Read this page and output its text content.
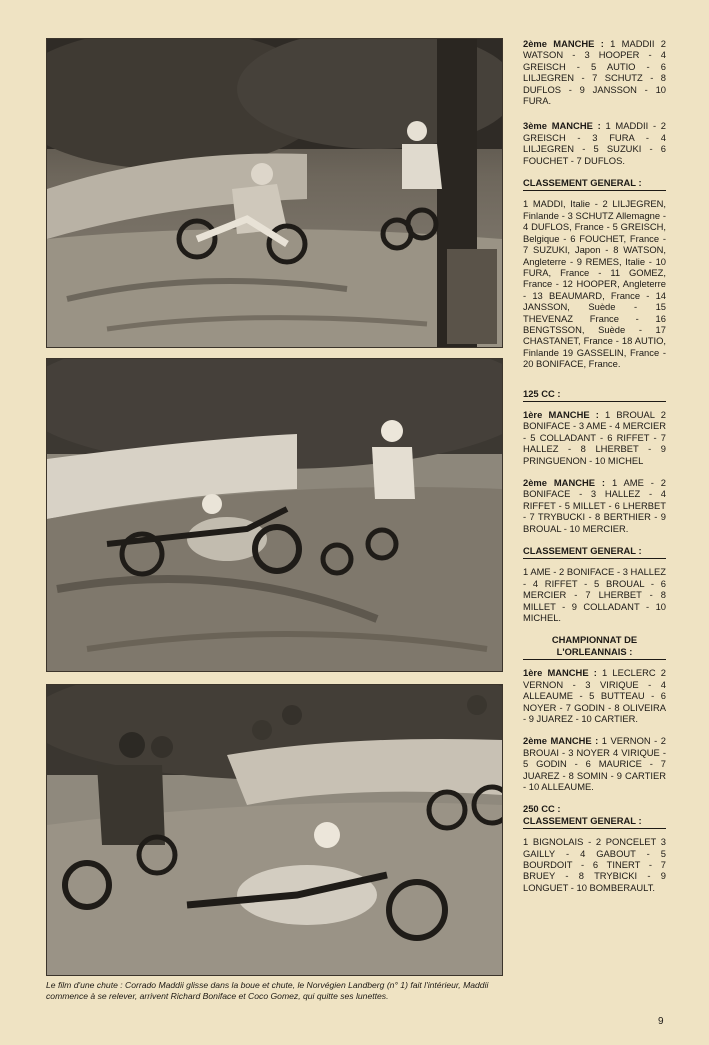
Le film d'une chute : Corrado Maddii glisse dans la boue et chute, le Norvégien Landberg (n° 1) fait l'intérieur, Maddii commence à se relever, arrivent Richard Boniface et Coco Gomez, qui quitte ses lunettes.

2ème MANCHE : 1 MADDII 2 WATSON - 3 HOOPER - 4 GREISCH - 5 AUTIO - 6 LILJEGREN - 7 SCHUTZ - 8 DUFLOS - 9 JANSSON - 10 FURA.

3ème MANCHE : 1 MADDII - 2 GREISCH - 3 FURA - 4 LILJEGREN - 5 SUZUKI - 6 FOUCHET - 7 DUFLOS.

CLASSEMENT GENERAL :

1 MADDI, Italie - 2 LILJEGREN, Finlande - 3 SCHUTZ Allemagne - 4 DUFLOS, France - 5 GREISCH, Belgique - 6 FOUCHET, France - 7 SUZUKI, Japon - 8 WATSON, Angleterre - 9 REMES, Italie - 10 FURA, France - 11 GOMEZ, France - 12 HOOPER, Angleterre - 13 BEAUMARD, France - 14 JANSSON, Suède - 15 THEVENAZ France - 16 BENGTSSON, Suède - 17 CHASTANET, France - 18 AUTIO, Finlande 19 GASSELIN, France - 20 BONIFACE, France.

125 CC :

1ère MANCHE : 1 BROUAL 2 BONIFACE - 3 AME - 4 MERCIER - 5 COLLADANT - 6 RIFFET - 7 HALLEZ - 8 LHERBET - 9 PRINGUENON - 10 MICHEL

2ème MANCHE : 1 AME - 2 BONIFACE - 3 HALLEZ - 4 RIFFET - 5 MILLET - 6 LHERBET - 7 TRYBUCKI - 8 BERTHIER - 9 BROUAL - 10 MERCIER.

CLASSEMENT GENERAL :

1 AME - 2 BONIFACE - 3 HALLEZ - 4 RIFFET - 5 BROUAL - 6 MERCIER - 7 LHERBET - 8 MILLET - 9 COLLADANT - 10 MICHEL.

CHAMPIONNAT DE L'ORLEANNAIS :

1ère MANCHE : 1 LECLERC 2 VERNON - 3 VIRIQUE - 4 ALLEAUME - 5 BUTTEAU - 6 NOYER - 7 GODIN - 8 OLIVEIRA - 9 JUAREZ - 10 CARTIER.

2ème MANCHE : 1 VERNON - 2 BROUAI - 3 NOYER 4 VIRIQUE - 5 GODIN - 6 MAURICE - 7 JUAREZ - 8 SOMIN - 9 CARTIER - 10 ALLEAUME.

250 CC :
CLASSEMENT GENERAL :

1 BIGNOLAIS - 2 PONCELET 3 GAILLY - 4 GABOUT - 5 BOURDOIT - 6 TINERT - 7 BRUEY - 8 TRYBICKI - 9 LONGUET - 10 BOMBERAULT.

9
